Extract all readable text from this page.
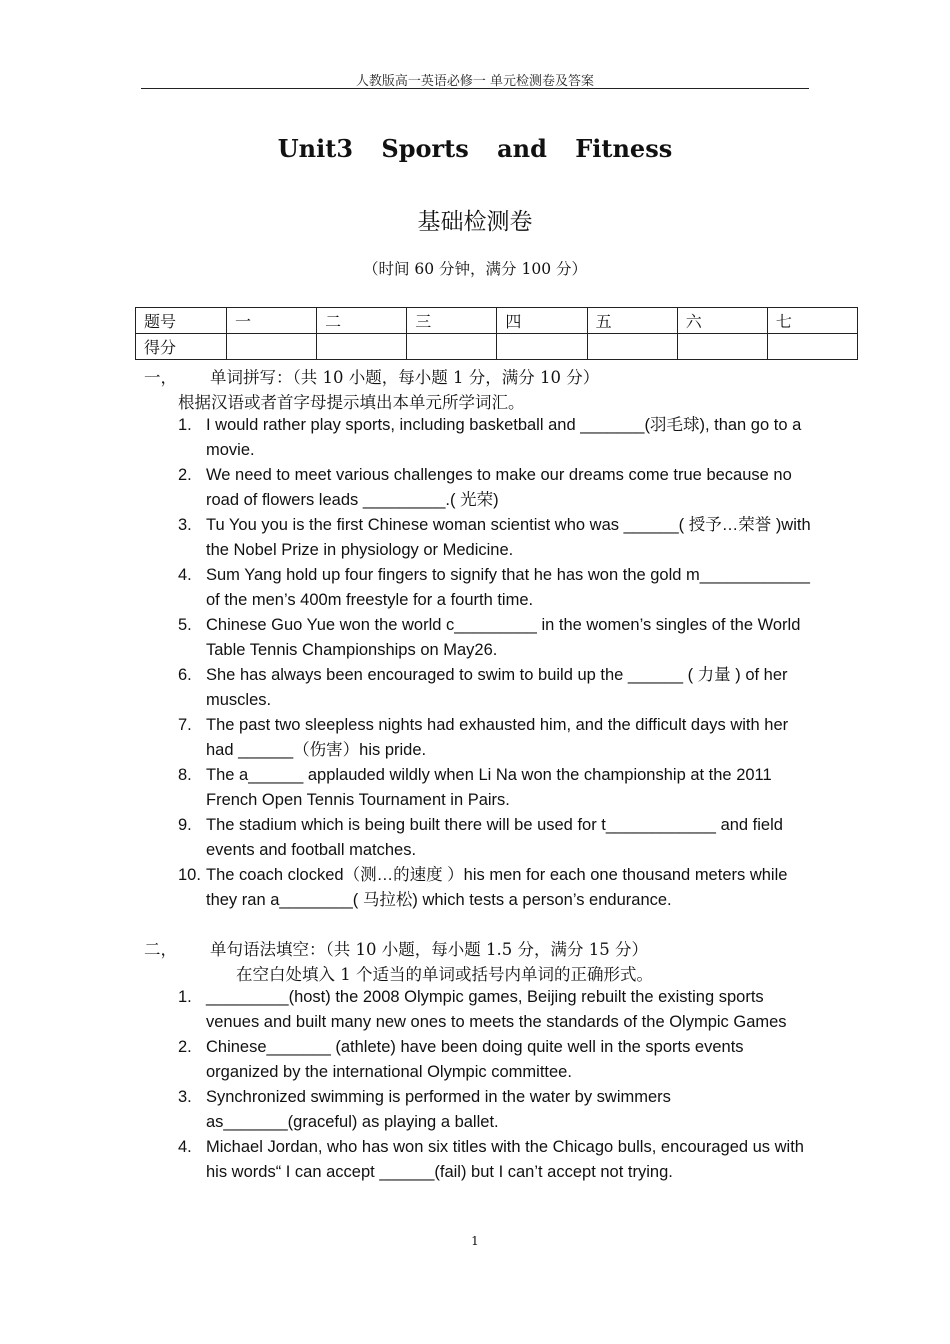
人教版高一英语必修一 单元检测卷及答案
Unit3 Sports and Fitness
基础检测卷
（时间 60 分钟，满分 100 分）
题号	一	二	三	四	五	六	七
得分							
一， 单词拼写：（共 10 小题，每小题 1 分，满分 10 分）
根据汉语或者首字母提示填出本单元所学词汇。
1. I would rather play sports, including basketball and _______(羽毛球), than go to a movie.
2. We need to meet various challenges to make our dreams come true because no road of flowers leads _________.( 光荣)
3. Tu You you is the first Chinese woman scientist who was ______( 授予…荣誉 )with the Nobel Prize in physiology or Medicine.
4. Sum Yang hold up four fingers to signify that he has won the gold m____________ of the men’s 400m freestyle for a fourth time.
5. Chinese Guo Yue won the world c_________ in the women’s singles of the World Table Tennis Championships on May26.
6. She has always been encouraged to swim to build up the ______ ( 力量 ) of her muscles.
7. The past two sleepless nights had exhausted him, and the difficult days with her had ______（伤害）his pride.
8. The a______ applauded wildly when Li Na won the championship at the 2011 French Open Tennis Tournament in Pairs.
9. The stadium which is being built there will be used for t____________ and field events and football matches.
10. The coach clocked（测…的速度 ）his men for each one thousand meters while they ran a________( 马拉松) which tests a person’s endurance.
二， 单句语法填空：（共 10 小题，每小题 1.5 分，满分 15 分）
在空白处填入 1 个适当的单词或括号内单词的正确形式。
1. _________(host) the 2008 Olympic games, Beijing rebuilt the existing sports venues and built many new ones to meets the standards of the Olympic Games
2. Chinese_______ (athlete) have been doing quite well in the sports events organized by the international Olympic committee.
3. Synchronized swimming is performed in the water by swimmers as_______(graceful) as playing a ballet.
4. Michael Jordan, who has won six titles with the Chicago bulls, encouraged us with his words“ I can accept ______(fail) but I can’t accept not trying.
1
